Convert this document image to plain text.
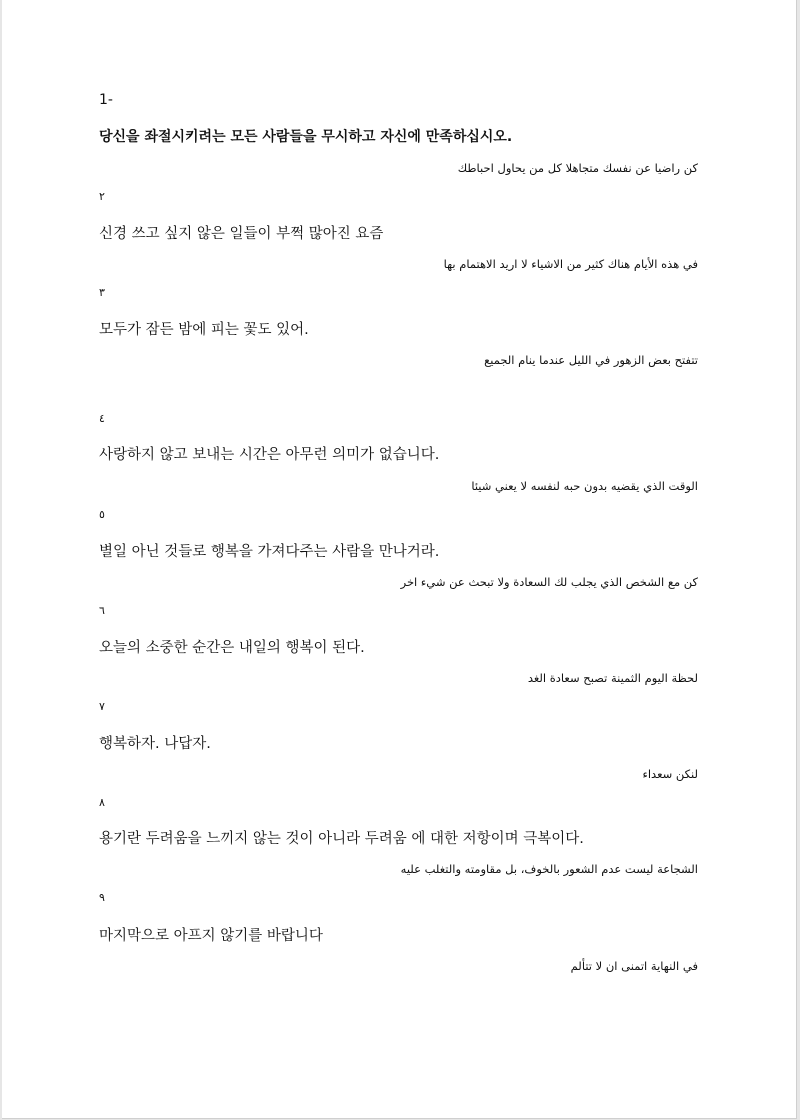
1-
당신을 좌절시키려는 모든 사람들을 무시하고 자신에 만족하십시오.
كن راضيا عن نفسك متجاهلا كل من يحاول احباطك
٢
신경 쓰고 싶지 않은 일들이 부쩍 많아진 요즘
في هذه الأيام هناك كثير من الاشياء لا اريد الاهتمام بها
٣
모두가 잠든 밤에 피는 꽃도 있어.
تتفتح بعض الزهور في الليل عندما ينام الجميع
٤
사랑하지 않고 보내는 시간은 아무런 의미가 없습니다.
الوقت الذي يقضيه بدون حبه لنفسه لا يعني شيئا
٥
별일 아닌 것들로 행복을 가져다주는 사람을 만나거라.
كن مع الشخص الذي يجلب لك السعادة ولا تبحث عن شيء اخر
٦
오늘의 소중한 순간은 내일의 행복이 된다.
لحظة اليوم الثمينة تصبح سعادة الغد
٧
행복하자. 나답자.
لنكن سعداء
٨
용기란 두려움을 느끼지 않는 것이 아니라 두려움 에 대한 저항이며 극복이다.
الشجاعة ليست عدم الشعور بالخوف، بل مقاومته والتغلب عليه
٩
마지막으로 아프지 않기를 바랍니다
في النهاية اتمنى ان لا تتألم
